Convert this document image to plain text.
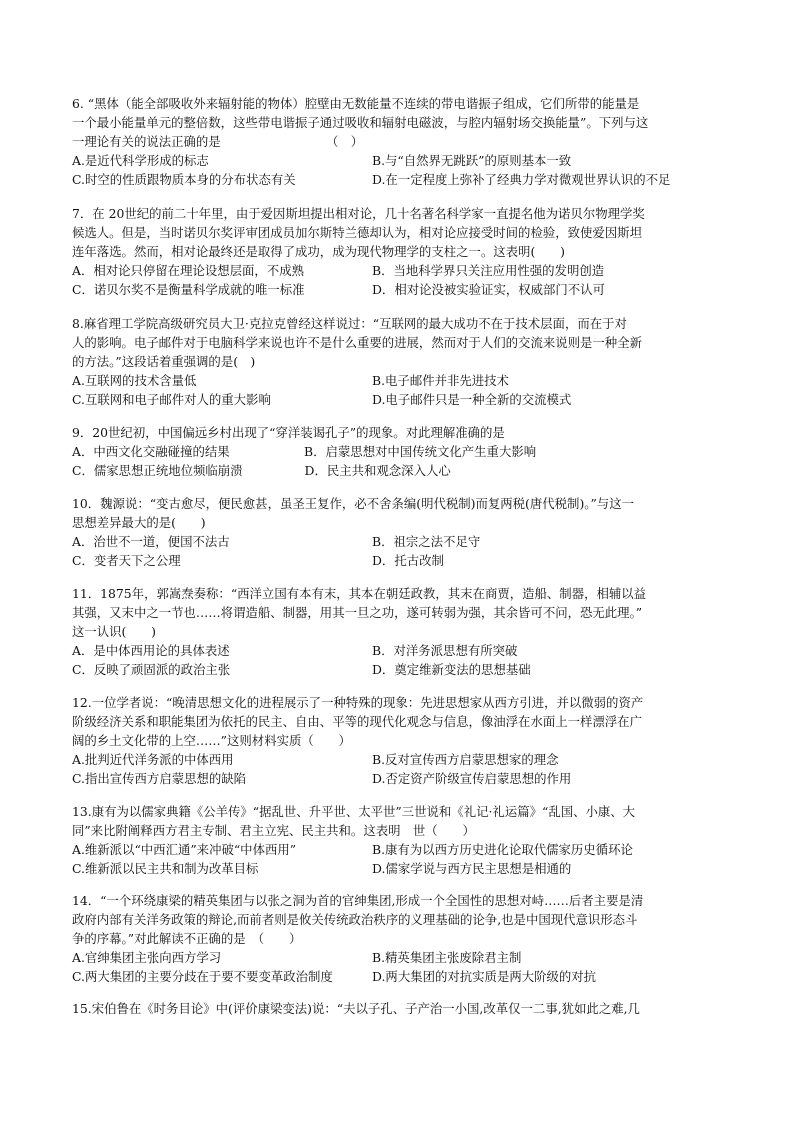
6. “黑体（能全部吸收外来辐射能的物体）腔壁由无数能量不连续的带电谐振子组成，它们所带的能量是

一个最小能量单元的整倍数，这些带电谐振子通过吸收和辐射电磁波，与腔内辐射场交换能量”。下列与这

一理论有关的说法正确的是　　　　　　　　　（　）

A.是近代科学形成的标志	B.与“自然界无跳跃”的原则基本一致
C.时空的性质跟物质本身的分布状态有关	D.在一定程度上弥补了经典力学对微观世界认识的不足

7．在 20世纪的前二十年里，由于爱因斯坦提出相对论，几十名著名科学家一直提名他为诺贝尔物理学奖

候选人。但是，当时诺贝尔奖评审团成员加尔斯特兰德却认为，相对论应接受时间的检验，致使爱因斯坦

连年落选。然而，相对论最终还是取得了成功，成为现代物理学的支柱之一。这表明(　　)

A．相对论只停留在理论设想层面，不成熟	B．当地科学界只关注应用性强的发明创造
C．诺贝尔奖不是衡量科学成就的唯一标准	D．相对论没被实验证实，权威部门不认可

8.麻省理工学院高级研究员大卫·克拉克曾经这样说过：“互联网的最大成功不在于技术层面，而在于对

人的影响。电子邮件对于电脑科学来说也许不是什么重要的进展，然而对于人们的交流来说则是一种全新

的方法。”这段话着重强调的是(　)

A.互联网的技术含量低	B.电子邮件并非先进技术
C.互联网和电子邮件对人的重大影响	D.电子邮件只是一种全新的交流模式

9．20世纪初，中国偏远乡村出现了“穿洋装谒孔子”的现象。对此理解准确的是

A．中西文化交融碰撞的结果　　　　　　B．启蒙思想对中国传统文化产生重大影响

C．儒家思想正统地位频临崩溃　　　　　D．民主共和观念深入人心

10．魏源说：“变古愈尽，便民愈甚，虽圣王复作，必不舍条编(明代税制)而复两税(唐代税制)。”与这一

思想差异最大的是(　　)

A．治世不一道，便国不法古	B．祖宗之法不足守
C．变者天下之公理	D．托古改制

11．1875年，郭嵩焘奏称：“西洋立国有本有末，其本在朝廷政教，其末在商贾，造船、制器，相辅以益

其强，又末中之一节也……将谓造船、制器，用其一旦之功，遂可转弱为强，其余皆可不问，恐无此理。”

这一认识(　　)

A．是中体西用论的具体表述	B．对洋务派思想有所突破
C．反映了顽固派的政治主张	D．奠定维新变法的思想基础

12.一位学者说：“晚清思想文化的进程展示了一种特殊的现象：先进思想家从西方引进，并以微弱的资产

阶级经济关系和职能集团为依托的民主、自由、平等的现代化观念与信息，像油浮在水面上一样漂浮在广

阔的乡土文化带的上空……”这则材料实质（　　）

A.批判近代洋务派的中体西用	B.反对宣传西方启蒙思想家的理念
C.指出宣传西方启蒙思想的缺陷	D.否定资产阶级宣传启蒙思想的作用

13.康有为以儒家典籍《公羊传》“据乱世、升平世、太平世”三世说和《礼记·礼运篇》“乱国、小康、大

同”来比附阐释西方君主专制、君主立宪、民主共和。这表明　世（　　）

A.维新派以“中西汇通”来冲破“中体西用”	B.康有为以西方历史进化论取代儒家历史循环论
C.维新派以民主共和制为改革目标	D.儒家学说与西方民主思想是相通的

14．“一个环绕康梁的精英集团与以张之洞为首的官绅集团,形成一个全国性的思想对峙……后者主要是清

政府内部有关洋务政策的辩论,而前者则是攸关传统政治秩序的义理基础的论争,也是中国现代意识形态斗

争的序幕。”对此解读不正确的是　（　　）

A.官绅集团主张向西方学习	B.精英集团主张废除君主制
C.两大集团的主要分歧在于要不要变革政治制度	D.两大集团的对抗实质是两大阶级的对抗

15.宋伯鲁在《时务目论》中(评价康梁变法)说：“夫以子孔、子产治一小国,改革仅一二事,犹如此之难,几
